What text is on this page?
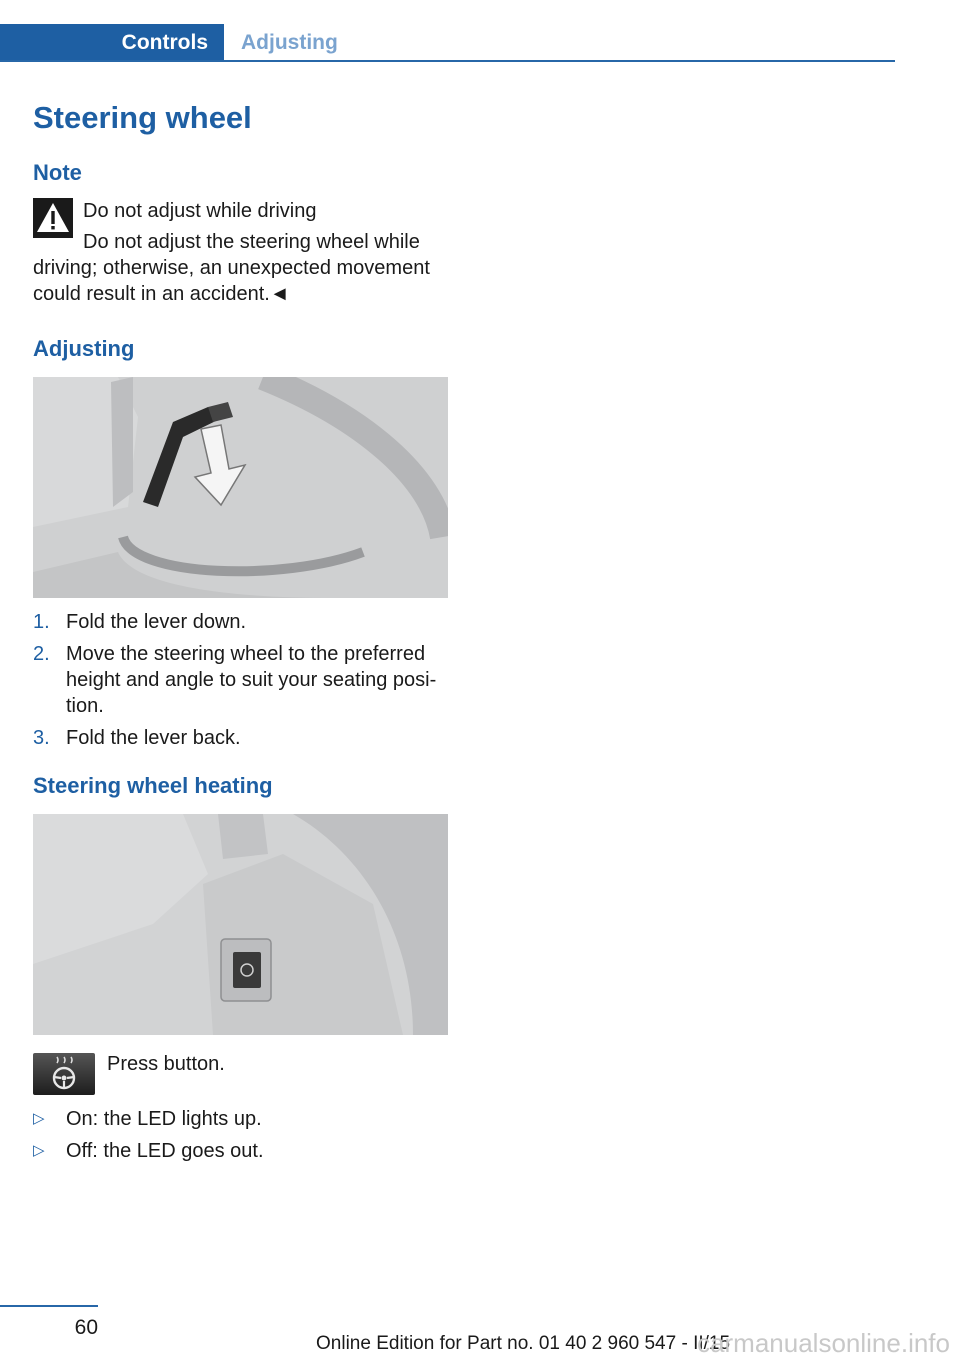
Controls Adjusting
Steering wheel
Note
Do not adjust while driving

Do not adjust the steering wheel while driving; otherwise, an unexpected movement could result in an accident.◄

Adjusting
1. Fold the lever down.
2. Move the steering wheel to the preferred height and angle to suit your seating posi-tion.
3. Fold the lever back.
Steering wheel heating
Press button.
▷ On: the LED lights up.
▷ Off: the LED goes out.
60
Online Edition for Part no. 01 40 2 960 547 - II/15
carmanualsonline.info
